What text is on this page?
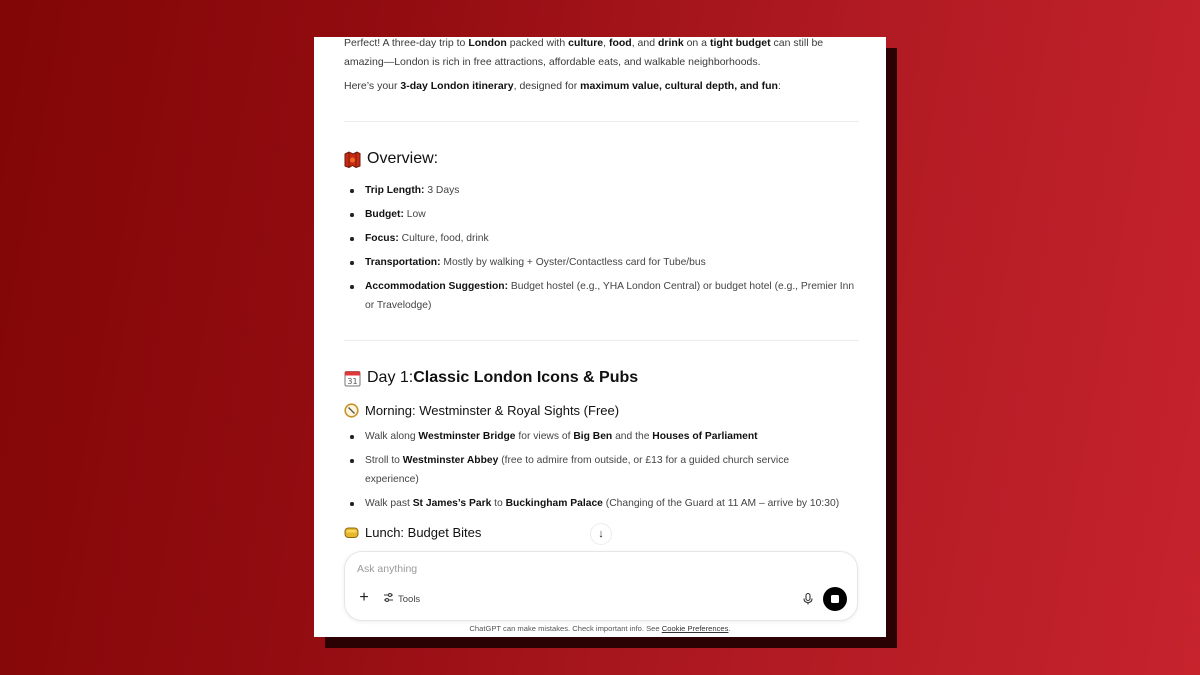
Perfect! A three-day trip to London packed with culture, food, and drink on a tight budget can still be amazing—London is rich in free attractions, affordable eats, and walkable neighborhoods.

Here’s your 3-day London itinerary, designed for maximum value, cultural depth, and fun:

Overview:
Trip Length: 3 Days
Budget: Low
Focus: Culture, food, drink
Transportation: Mostly by walking + Oyster/Contactless card for Tube/bus
Accommodation Suggestion: Budget hostel (e.g., YHA London Central) or budget hotel (e.g., Premier Inn or Travelodge)
31 Day 1: Classic London Icons & Pubs
Morning: Westminster & Royal Sights (Free)
Walk along Westminster Bridge for views of Big Ben and the Houses of Parliament
Stroll to Westminster Abbey (free to admire from outside, or £13 for a guided church service experience)
Walk past St James’s Park to Buckingham Palace (Changing of the Guard at 11 AM – arrive by 10:30)
Lunch: Budget Bites	↓
Ask anything
+	Tools
ChatGPT can make mistakes. Check important info. See Cookie Preferences.
